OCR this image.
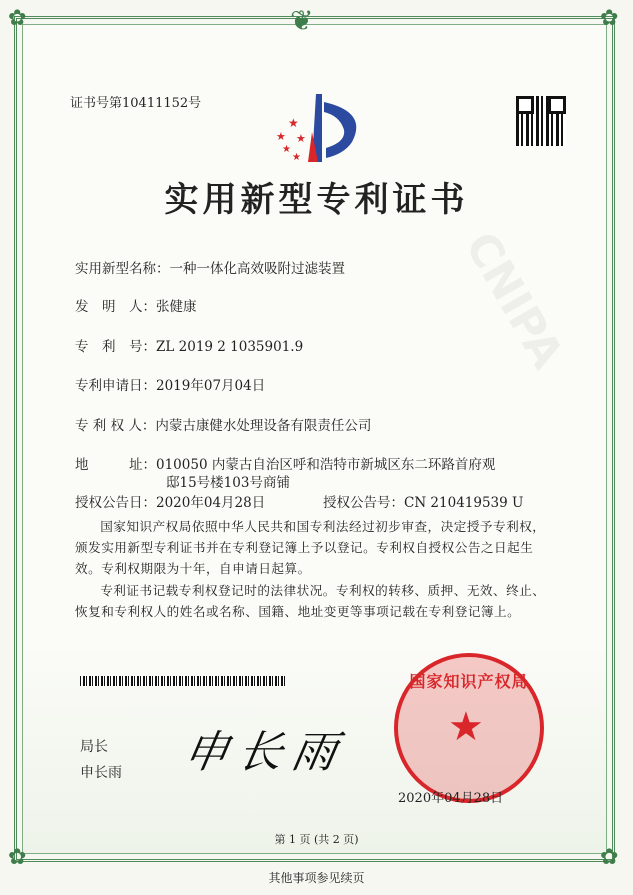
❦
✿	✿
✿	✿
CNIPA
证书号第10411152号
★
★
★
★
★
实用新型专利证书
实用新型名称：一种一体化高效吸附过滤装置
发　明　人：张健康
专　利　号：ZL 2019 2 1035901.9
专利申请日：2019年07月04日
专 利 权 人：内蒙古康健水处理设备有限责任公司
地　　　址：010050 内蒙古自治区呼和浩特市新城区东二环路首府观
邸15号楼103号商铺
授权公告日：2020年04月28日	授权公告号：CN 210419539 U
国家知识产权局依照中华人民共和国专利法经过初步审查，决定授予专利权，颁发实用新型专利证书并在专利登记簿上予以登记。专利权自授权公告之日起生效。专利权期限为十年，自申请日起算。
专利证书记载专利权登记时的法律状况。专利权的转移、质押、无效、终止、恢复和专利权人的姓名或名称、国籍、地址变更等事项记载在专利登记簿上。
局长
申长雨 申长雨
国家知识产权局
★
2020年04月28日
第 1 页 (共 2 页)
其他事项参见续页
